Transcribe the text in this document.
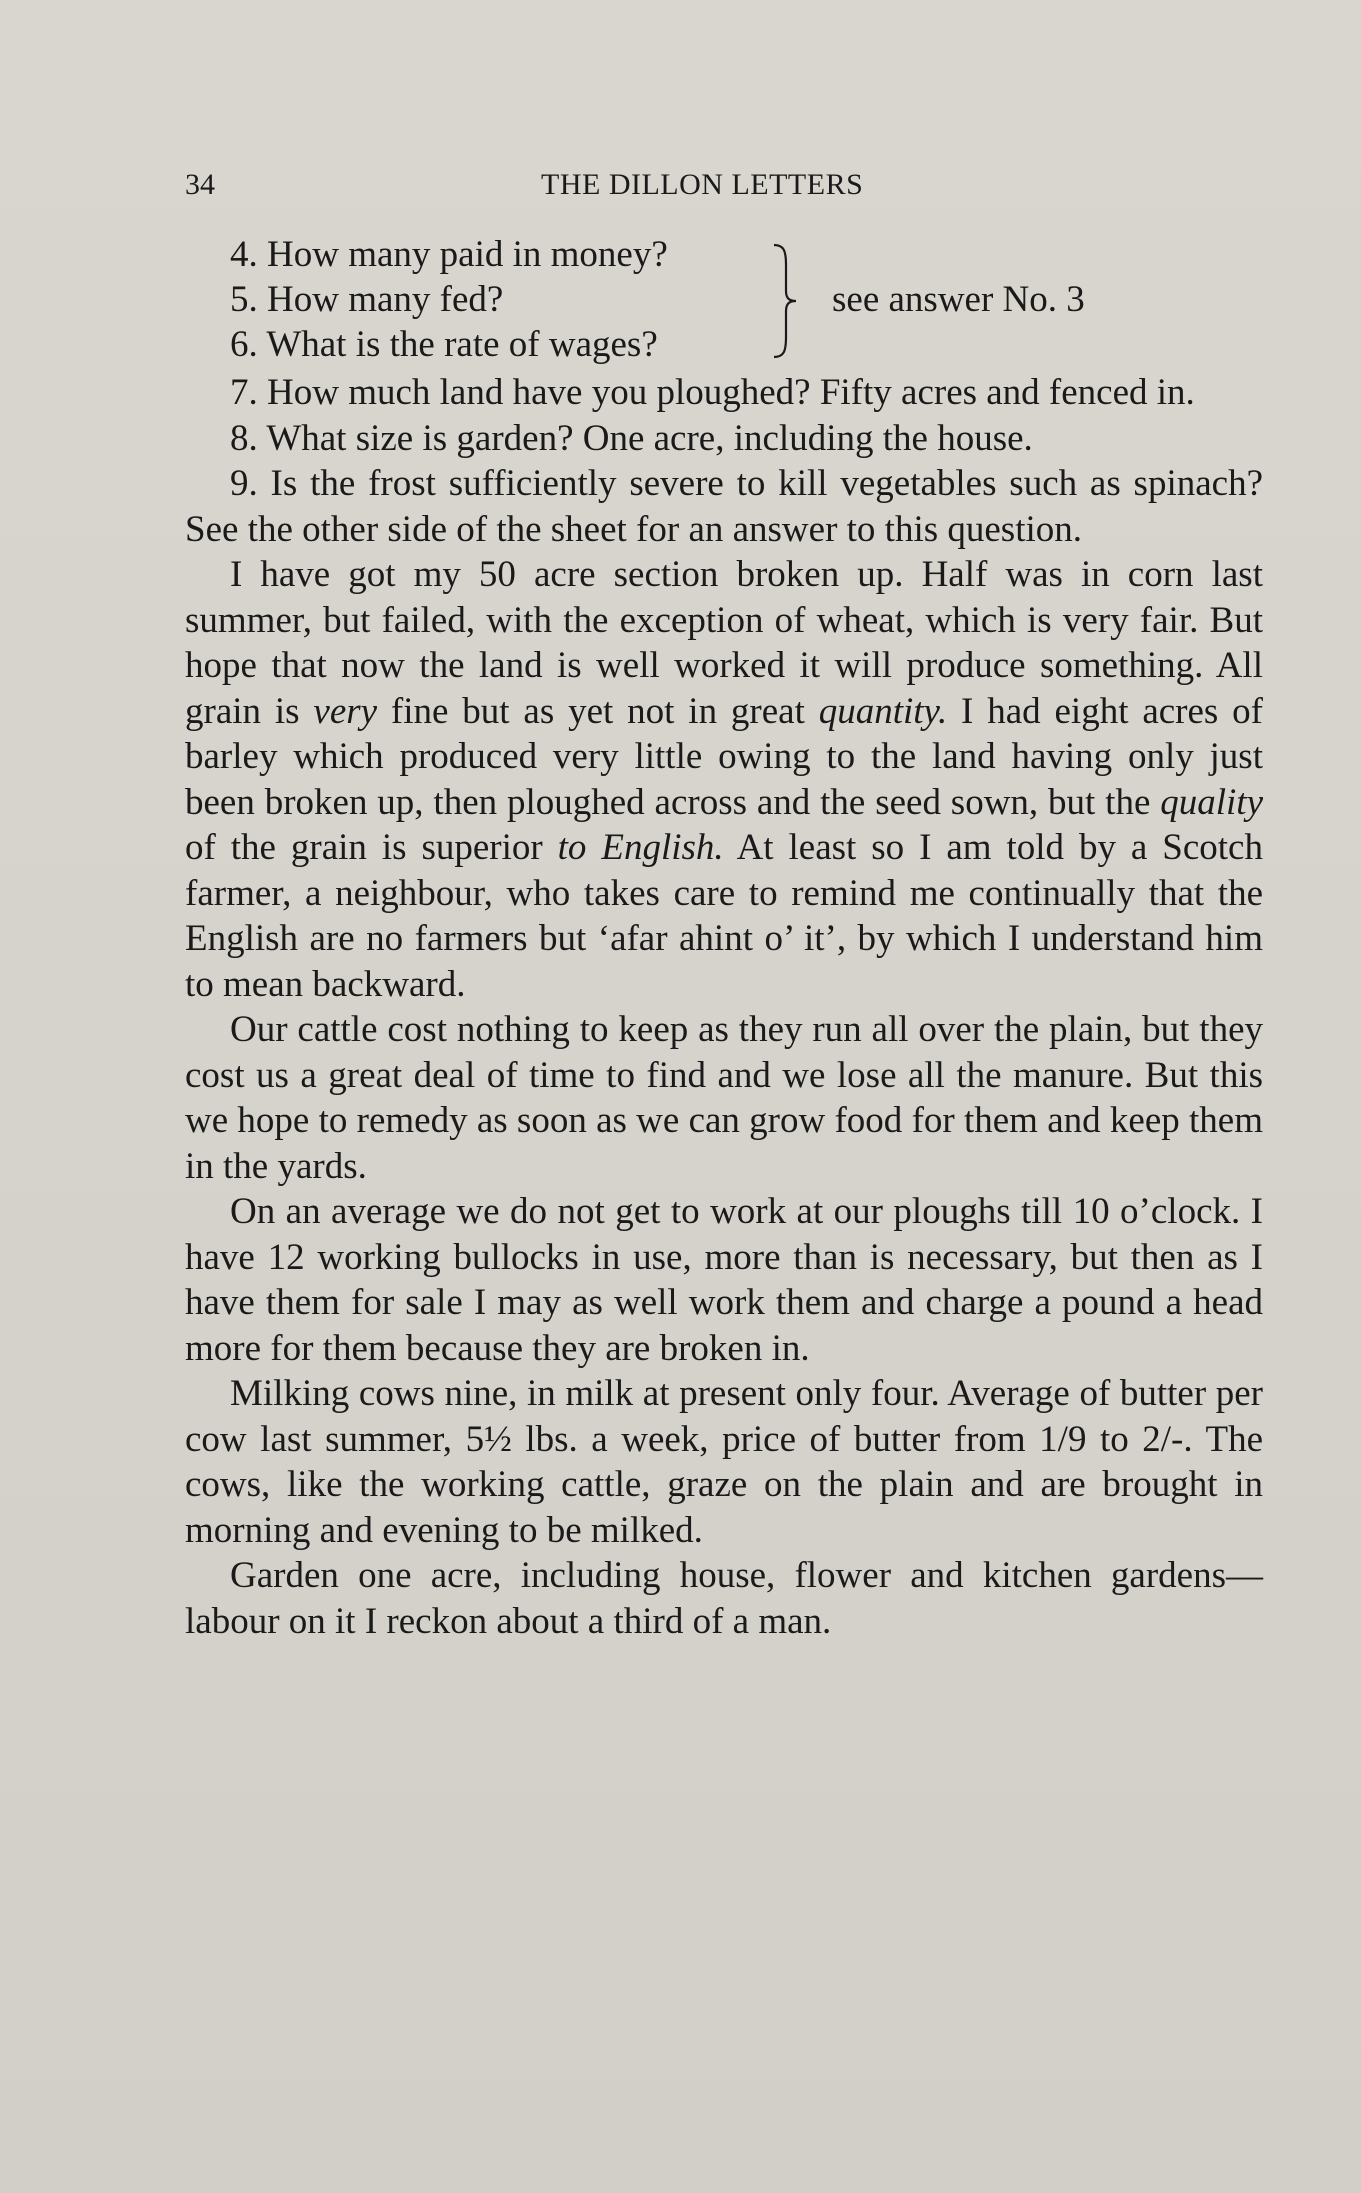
34	THE DILLON LETTERS
4. How many paid in money?
5. How many fed?
6. What is the rate of wages?
see answer No. 3

7. How much land have you ploughed? Fifty acres and fenced in.

8. What size is garden? One acre, including the house.

9. Is the frost sufficiently severe to kill vegetables such as spinach? See the other side of the sheet for an answer to this question.

I have got my 50 acre section broken up. Half was in corn last summer, but failed, with the exception of wheat, which is very fair. But hope that now the land is well worked it will produce something. All grain is very fine but as yet not in great quantity. I had eight acres of barley which produced very little owing to the land having only just been broken up, then ploughed across and the seed sown, but the quality of the grain is superior to English. At least so I am told by a Scotch farmer, a neighbour, who takes care to remind me continually that the English are no farmers but ‘afar ahint o’ it’, by which I understand him to mean backward.

Our cattle cost nothing to keep as they run all over the plain, but they cost us a great deal of time to find and we lose all the manure. But this we hope to remedy as soon as we can grow food for them and keep them in the yards.

On an average we do not get to work at our ploughs till 10 o’clock. I have 12 working bullocks in use, more than is necessary, but then as I have them for sale I may as well work them and charge a pound a head more for them because they are broken in.

Milking cows nine, in milk at present only four. Average of butter per cow last summer, 5½ lbs. a week, price of butter from 1/9 to 2/-. The cows, like the working cattle, graze on the plain and are brought in morning and evening to be milked.

Garden one acre, including house, flower and kitchen gardens—labour on it I reckon about a third of a man.
